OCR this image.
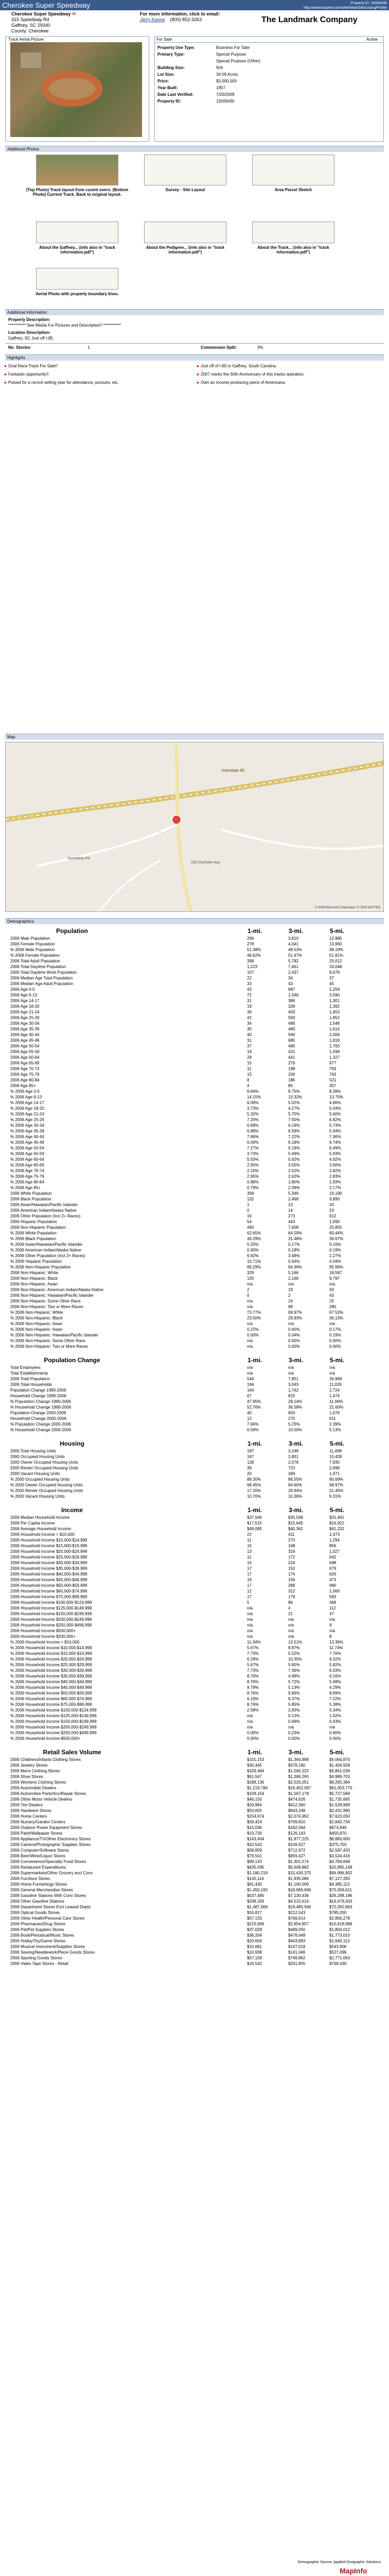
Cherokee Super Speedway	Property ID: 15009430
http://www.loopnet.com/xNet/MainSite/Listing/Profile
Cherokee Super Speedway ✉
315 Speedway Rd
Gaffney, SC 29340
County: Cherokee
For more information, click to email:
Jerry Keene (800) 852-3263	The Landmark Company
Track Aerial Picture	For Sale	Active
Property Use Type:	Business For Sale
Primary Type:	Special Purpose
Special Purpose (Other)
Building Size:	N/A
Lot Size:	34.09 Acres
Price:	$3,000,000
Year Built:	1957
Date Last Verified:	7/20/2009
Property ID:	15009430
Additional Photos
(Top Photo) Track layout from curent overs. (Bottom Photo) Current Track. Back to original layout.
Survey - Site Layout	Area Parcel Sketch
About the Gaffney... (info also in "track information.pdf")
About the Pedigree... (info also in "track information.pdf")
About the Track... (info also in "track information.pdf")
Aerial Photo with property boundary lines.
Additional Information
Property Description:
*********** See Media For Pictures and Description!! ***********
Location Description:
Gaffney, SC Just off I-85.
No. Stories:	1	Commission Split:	3%
Highlights
● Oval Race Track For Sale!!	● Just off of I-85 in Gaffney, South Carolina.
● Fantastic opportunity!!	● 2007 marks the 50th Anniversary of this tracks operation.
● Poised for a record setting year for attendance, pursues, etc.	● Own an income producing piece of Americana.
Map
Interstate 85
Old Charlotte Hwy
Speedway Rd
© 2009 Microsoft Corporation, © 2009 NAVTEQ
Demographics
Population	1-mi.	3-mi.	5-mi.
2006 Male Population	266	3,810	12,985
2006 Female Population	278	4,041	13,960
% 2006 Male Population	51.38%	48.53%	48.19%
% 2006 Female Population	48.62%	51.47%	51.81%
2006 Total Adult Population	398	5,782	20,012
2006 Total Daytime Population	1,223	7,461	24,048
2006 Total Daytime Work Population	107	2,437	9,679
2006 Median Age Total Population	22	34	37
2006 Median Age Adult Population	33	43	45
2006 Age 0-5	43	687	2,259
2006 Age 6-13	72	1,046	3,590
2006 Age 14-17	31	386	1,301
2006 Age 18-20	19	328	1,392
2006 Age 21-24	39	403	1,453
2006 Age 25-29	42	593	1,852
2006 Age 30-34	34	486	1,548
2006 Age 35-39	35	489	1,614
2006 Age 40-44	40	566	2,006
2006 Age 45-49	31	685	1,818
2006 Age 50-54	37	486	1,760
2006 Age 55-59	19	431	1,598
2006 Age 60-64	28	441	1,327
2006 Age 65-69	15	279	977
2006 Age 70-74	11	198	763
2006 Age 75-79	15	206	763
2006 Age 80-84	8	186	521
2006 Age 85+	4	85	357
% 2006 Age 0-5	8.84%	8.75%	8.39%
% 2006 Age 6-13	14.15%	13.32%	13.70%
% 2006 Age 14-17	6.09%	5.02%	4.96%
% 2006 Age 18-20	3.73%	4.27%	5.04%
% 2006 Age 21-24	5.32%	5.75%	5.60%
% 2006 Age 25-29	7.26%	7.50%	6.82%
% 2006 Age 30-34	6.68%	6.19%	5.73%
% 2006 Age 35-39	6.88%	6.59%	5.94%
% 2006 Age 40-44	7.86%	7.22%	7.36%
% 2006 Age 45-49	6.09%	6.18%	6.74%
% 2006 Age 50-54	7.27%	6.19%	6.49%
% 2006 Age 55-59	3.73%	5.49%	5.93%
% 2006 Age 60-64	5.50%	5.62%	4.92%
% 2006 Age 65-69	2.95%	3.55%	3.60%
% 2006 Age 70-74	2.16%	2.52%	2.82%
% 2006 Age 75-79	2.95%	2.62%	2.83%
% 2006 Age 80-84	0.98%	1.80%	1.93%
% 2006 Age 85+	0.79%	2.39%	2.17%
2006 White Population	358	5,349	19,196
2006 Black Population	132	2,468	9,890
2006 Asian/Hawaiian/Pacific Islander	1	13	43
2006 American Indian/Alaska Native	0	14	53
2006 Other Population (Incl 2+ Races)	19	273	612
2006 Hispanic Population	54	443	1,090
2006 Non-Hispanic Population	490	7,408	25,855
% 2006 White Population	62.65%	64.59%	60.44%
% 2006 Black Population	30.29%	31.48%	36.67%
% 2006 Asian/Hawaiian/Pacific Islander	0.20%	0.17%	0.16%
% 2006 American Indian/Alaska Native	0.00%	0.18%	0.19%
% 2006 Other Population (Incl 2+ Races)	6.92%	3.48%	2.27%
% 2006 Hispanic Population	10.71%	5.64%	4.04%
% 2006 Non-Hispanic Population	89.29%	94.36%	95.96%
2006 Non-Hispanic: White	329	5,166	18,587
2006 Non-Hispanic: Black	130	2,166	9,797
2006 Non-Hispanic: Asian	n/a	n/a	n/a
2006 Non-Hispanic: American Indian/Alaska Native	2	19	59
2006 Non-Hispanic: Hawaiian/Pacific Islander	0	2	43
2006 Non-Hispanic: Some Other Race	n/a	24	25
2006 Non-Hispanic: Two or More Races	n/a	89	280
% 2006 Non-Hispanic: White	73.77%	69.97%	67.52%
% 2006 Non-Hispanic: Black	23.50%	29.93%	36.13%
% 2006 Non-Hispanic: Asian	n/a	n/a	n/a
% 2006 Non-Hispanic: Asian	0.22%	0.40%	0.17%
% 2006 Non-Hispanic: Hawaiian/Pacific Islander	0.00%	0.04%	0.19%
% 2006 Non-Hispanic: Some Other Race	n/a	0.00%	0.00%
% 2006 Non-Hispanic: Two or More Races	n/a	0.00%	0.00%
Population Change	1-mi.	3-mi.	5-mi.
Total Employees	n/a	n/a	n/a
Total Establishments	n/a	n/a	n/a
2006 Total Population	544	7,851	26,969
2006 Total Households	194	3,043	11,026
Population Change 1990-2006	164	1,742	2,724
Household Change 1990-2006	67	815	1,474
% Population Change 1990-2006	47.95%	28.14%	11.06%
% Household Change 1990-2006	52.76%	36.58%	21.60%
Population Change 2000-2006	40	603	1,076
Household Change 2000-2006	12	270	611
% Population Change 2000-2006	7.66%	5.23%	2.39%
% Household Change 2000-2006	6.59%	10.00%	5.13%
Housing	1-mi.	3-mi.	5-mi.
2000 Total Housing Units	187	3,249	11,498
2000 Occupied Housing Units	167	2,801	10,428
2000 Owner Occupied Housing Units	128	2,078	7,930
2000 Renter Occupied Housing Units	39	723	2,498
2000 Vacant Housing Units	20	349	1,071
% 2000 Occupied Housing Units	89.30%	86.55%	90.69%
% 2000 Owner Occupied Housing Units	68.45%	64.60%	68.97%
% 2000 Renter Occupied Housing Units	17.20%	29.94%	21.45%
% 2000 Vacant Housing Units	10.70%	10.36%	9.31%
Income	1-mi.	3-mi.	5-mi.
2006 Median Household Income	$37,646	$35,548	$31,491
2006 Per Capita Income	$17,515	$15,645	$16,922
2006 Average Household Income	$49,085	$40,362	$41,232
2006 Household Income < $10,000	22	411	1,473
2006 Household Income $10,000-$14,999	11	270	1,294
2006 Household Income $15,000-$19,999	15	168	856
2006 Household Income $20,000-$24,999	13	319	1,027
2006 Household Income $25,000-$29,999	11	172	642
2006 Household Income $30,000-$34,999	15	224	698
2006 Household Income $35,000-$39,999	17	152	679
2006 Household Income $40,000-$44,999	17	174	626
2006 Household Income $45,000-$49,999	19	156	473
2006 Household Income $50,000-$59,999	17	288	980
2006 Household Income $60,000-$74,999	12	312	1,066
2006 Household Income $75,000-$99,999	17	178	593
2006 Household Income $100,000-$124,999	5	86	368
2006 Household Income $125,000-$149,999	n/a	4	112
2006 Household Income $150,000-$199,999	n/a	21	47
2006 Household Income $200,000-$249,999	n/a	n/a	n/a
2006 Household Income $250,000-$499,999	n/a	n/a	9
2006 Household Income $500,000+	n/a	n/a	n/a
2006 Household Income $200,000+	n/a	n/a	8
% 2006 Household Income < $10,000	11.34%	13.51%	13.36%
% 2006 Household Income $10,000-$14,999	5.67%	8.87%	11.74%
% 2006 Household Income $15,000-$19,999	7.73%	5.52%	7.76%
% 2006 Household Income $20,000-$24,999	6.28%	10.35%	9.32%
% 2006 Household Income $25,000-$29,999	5.67%	5.65%	5.82%
% 2006 Household Income $30,000-$34,999	7.73%	7.36%	6.33%
% 2006 Household Income $35,000-$39,999	8.76%	4.99%	6.16%
% 2006 Household Income $40,000-$44,999	8.76%	5.72%	5.68%
% 2006 Household Income $45,000-$49,999	9.79%	5.13%	4.29%
% 2006 Household Income $50,000-$59,999	8.76%	9.46%	8.89%
% 2006 Household Income $60,000-$74,999	6.19%	9.37%	7.22%
% 2006 Household Income $75,000-$99,999	8.76%	5.85%	5.38%
% 2006 Household Income $100,000-$124,999	2.58%	2.83%	3.34%
% 2006 Household Income $125,000-$149,999	n/a	0.13%	1.02%
% 2006 Household Income $150,000-$199,999	n/a	0.69%	0.43%
% 2006 Household Income $200,000-$249,999	n/a	n/a	n/a
% 2006 Household Income $250,000-$499,999	0.00%	0.23%	0.60%
% 2006 Household Income $500,000+	0.00%	0.00%	0.00%
Retail Sales Volume	1-mi.	3-mi.	5-mi.
2006 Childrens/Infants Clothing Stores	$101,153	$1,364,898	$5,064,870
2006 Jewelry Stores	$30,445	$378,180	$1,404,928
2006 Mens Clothing Stores	$109,484	$1,560,222	$5,861,039
2006 Shoe Stores	$91,567	$1,366,265	$4,989,703
2006 Womens Clothing Stores	$188,136	$2,526,051	$9,265,394
2006 Automobile Dealers	$1,219,786	$16,452,097	$61,053,770
2006 Automotive Parts/Acc/Repair Stores	$109,154	$1,567,178	$5,727,584
2006 Other Motor Vehicle Dealers	$46,150	$474,626	$1,735,665
2006 Tire Dealers	$33,964	$412,360	$1,528,969
2006 Hardware Stores	$53,655	$643,248	$2,431,990
2006 Home Centers	$154,674	$2,074,962	$7,623,050
2006 Nursery/Garden Centers	$59,424	$769,810	$2,840,734
2006 Outdoor Power Equipment Stores	$15,036	$182,584	$674,849
2006 Paint/Wallpaper Stores	$10,730	$126,143	$450,870
2006 Appliance/TV/Other Electronics Stores	$143,404	$1,877,225	$6,883,600
2006 Camera/Photographic Supplies Stores	$10,543	$109,627	$375,703
2006 Computer/Software Stores	$58,959	$712,972	$2,587,433
2006 Beer/Wine/Liquor Stores	$79,501	$959,427	$3,524,416
2006 Convenience/Specialty Food Stores	$99,143	$1,301,574	$4,784,848
2006 Restaurant Expenditures	$435,595	$5,609,882	$20,995,148
2006 Supermarkets/Other Grocery excl Conv	$1,180,219	$15,430,375	$56,996,802
2006 Furniture Stores	$145,116	$1,935,086	$7,127,283
2006 Home Furnishings Stores	$91,430	$1,190,006	$4,385,113
2006 General Merchandise Stores	$1,450,193	$18,966,946	$70,058,611
2006 Gasoline Stations With Conv Stores	$537,480	$7,130,436	$26,288,196
2006 Other Gasoline Stations	$338,326	$4,515,614	$16,679,003
2006 Department Stores Excl Leased Depts	$1,487,069	$19,485,560	$72,050,963
2006 Optical Goods Stores	$16,817	$212,543	$785,050
2006 Other Health/Personal Care Stores	$57,133	$766,614	$2,856,278
2006 Pharmacies/Drug Stores	$215,906	$2,854,857	$10,618,888
2006 Pet/Pet Supplies Stores	$37,028	$489,050	$1,804,012
2006 Book/Periodical/Music Stores	$36,334	$478,648	$1,773,010
2006 Hobby/Toy/Game Stores	$33,656	$443,893	$1,640,113
2006 Musical Instrument/Supplies Stores	$10,681	$147,018	$543,906
2006 Sewing/Needlework/Piece Goods Stores	$10,938	$141,046	$527,096
2006 Sporting Goods Stores	$57,158	$749,862	$2,771,063
2006 Video Tape Stores - Retail	$16,542	$201,855	$748,430
Demographic Source: Applied Geographic Solutions
MapInfo
